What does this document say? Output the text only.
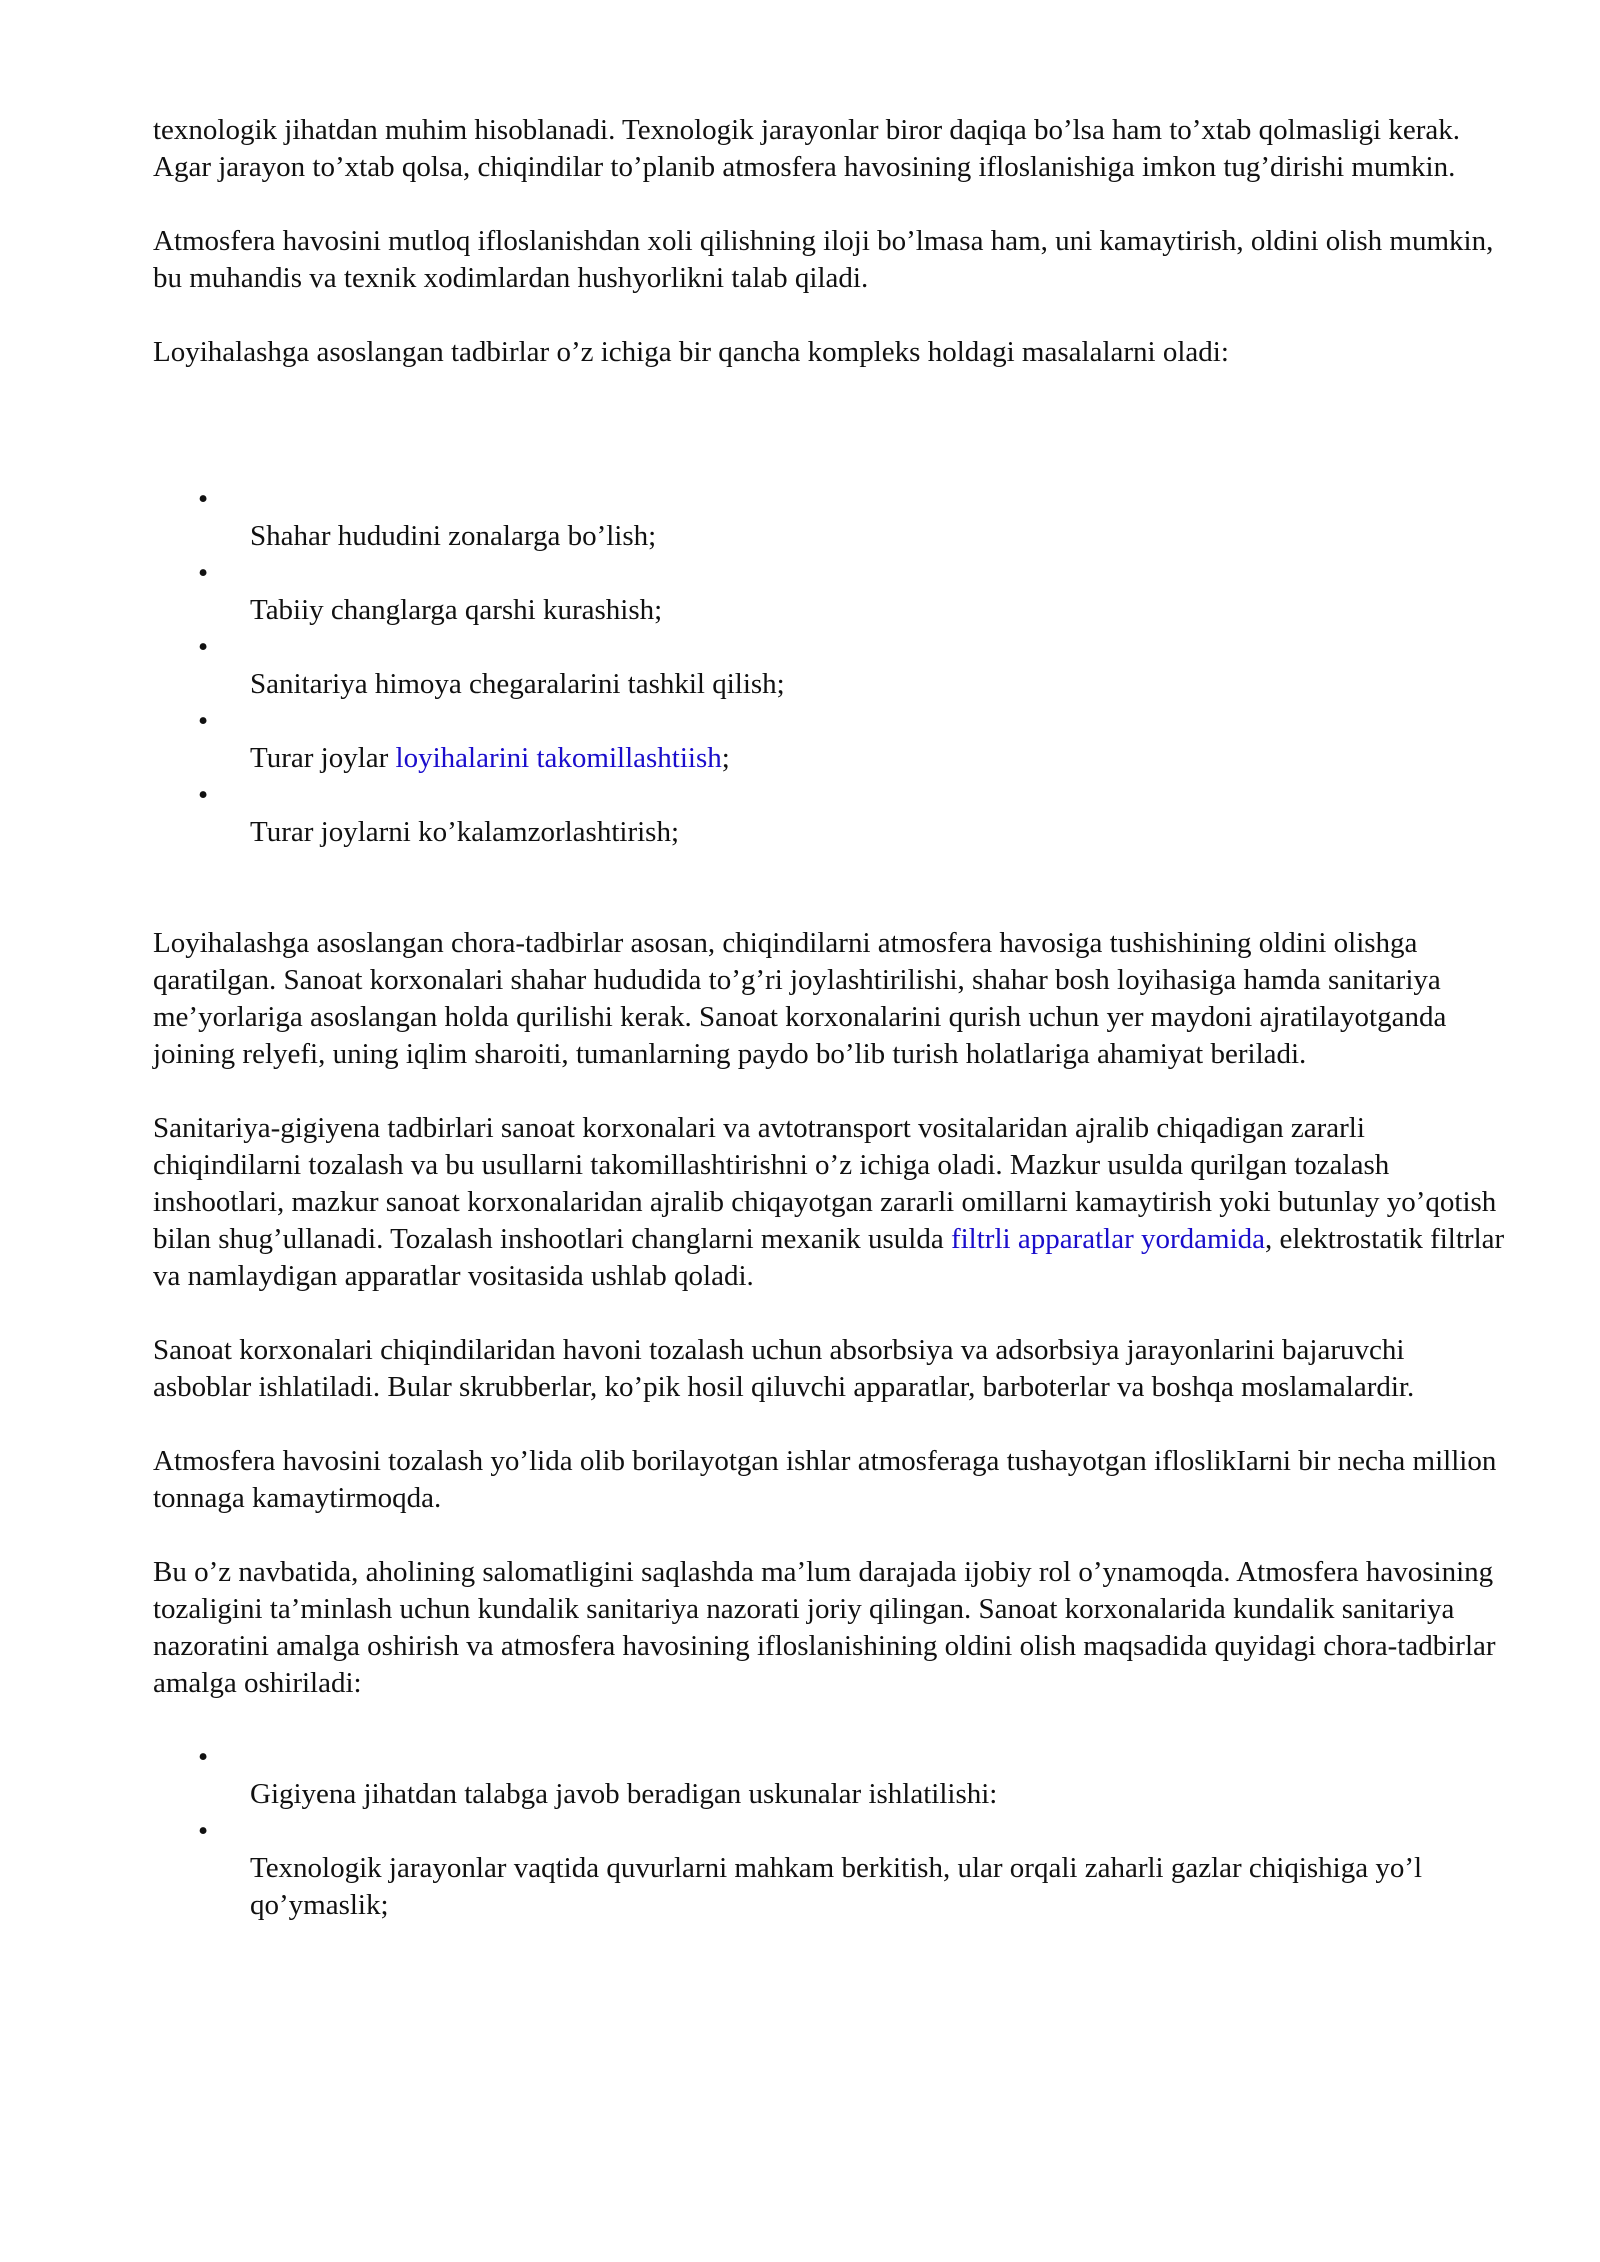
texnologik jihatdan muhim hisoblanadi. Texnologik jarayonlar biror daqiqa bo’lsa ham to’xtab qolmasligi kerak. Agar jarayon to’xtab qolsa, chiqindilar to’planib atmosfera havosining ifloslanishiga imkon tug’dirishi mumkin.

Atmosfera havosini mutloq ifloslanishdan xoli qilishning iloji bo’lmasa ham, uni kamaytirish, oldini olish mumkin, bu muhandis va texnik xodimlardan hushyorlikni talab qiladi.

Loyihalashga asoslangan tadbirlar o’z ichiga bir qancha kompleks holdagi masalalarni oladi:

•
Shahar hududini zonalarga bo’lish;
•
Tabiiy changlarga qarshi kurashish;
•
Sanitariya himoya chegaralarini tashkil qilish;
•
Turar joylar loyihalarini takomillashtiish;
•
Turar joylarni ko’kalamzorlashtirish;

Loyihalashga asoslangan chora-tadbirlar asosan, chiqindilarni atmosfera havosiga tushishining oldini olishga qaratilgan. Sanoat korxonalari shahar hududida to’g’ri joylashtirilishi, shahar bosh loyihasiga hamda sanitariya me’yorlariga asoslangan holda qurilishi kerak. Sanoat korxonalarini qurish uchun yer maydoni ajratilayotganda joining relyefi, uning iqlim sharoiti, tumanlarning paydo bo’lib turish holatlariga ahamiyat beriladi.

Sanitariya-gigiyena tadbirlari sanoat korxonalari va avtotransport vositalaridan ajralib chiqadigan zararli chiqindilarni tozalash va bu usullarni takomillashtirishni o’z ichiga oladi. Mazkur usulda qurilgan tozalash inshootlari, mazkur sanoat korxonalaridan ajralib chiqayotgan zararli omillarni kamaytirish yoki butunlay yo’qotish bilan shug’ullanadi. Tozalash inshootlari changlarni mexanik usulda filtrli apparatlar yordamida, elektrostatik filtrlar va namlaydigan apparatlar vositasida ushlab qoladi.

Sanoat korxonalari chiqindilaridan havoni tozalash uchun absorbsiya va adsorbsiya jarayonlarini bajaruvchi asboblar ishlatiladi. Bular skrubberlar, ko’pik hosil qiluvchi apparatlar, barboterlar va boshqa moslamalardir.

Atmosfera havosini tozalash yo’lida olib borilayotgan ishlar atmosferaga tushayotgan ifloslikIarni bir necha million tonnaga kamaytirmoqda.

Bu o’z navbatida, aholining salomatligini saqlashda ma’lum darajada ijobiy rol o’ynamoqda. Atmosfera havosining tozaligini ta’minlash uchun kundalik sanitariya nazorati joriy qilingan. Sanoat korxonalarida kundalik sanitariya nazoratini amalga oshirish va atmosfera havosining ifloslanishining oldini olish maqsadida quyidagi chora-tadbirlar amalga oshiriladi:

•
Gigiyena jihatdan talabga javob beradigan uskunalar ishlatilishi:
•
Texnologik jarayonlar vaqtida quvurlarni mahkam berkitish, ular orqali zaharli gazlar chiqishiga yo’l qo’ymaslik;
